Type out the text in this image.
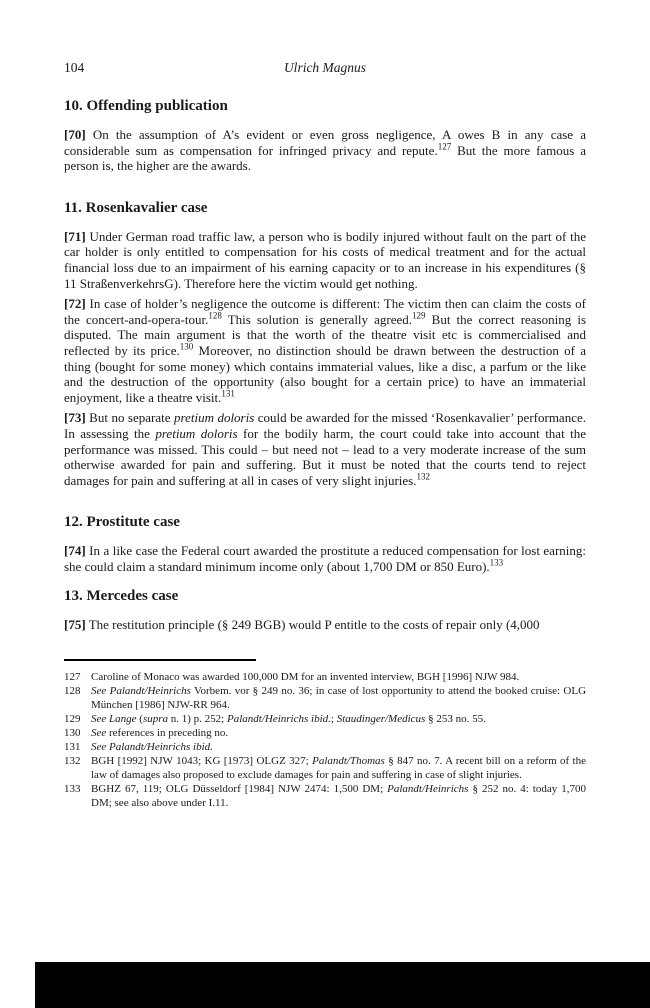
104	Ulrich Magnus
10. Offending publication

[70] On the assumption of A’s evident or even gross negligence, A owes B in any case a considerable sum as compensation for infringed privacy and repute.$^{127}$ But the more famous a person is, the higher are the awards.

11. Rosenkavalier case

[71] Under German road traffic law, a person who is bodily injured without fault on the part of the car holder is only entitled to compensation for his costs of medical treatment and for the actual financial loss due to an impairment of his earning capacity or to an increase in his expenditures (§ 11 StraßenverkehrsG). Therefore here the victim would get nothing.

[72] In case of holder’s negligence the outcome is different: The victim then can claim the costs of the concert-and-opera-tour.$^{128}$ This solution is generally agreed.$^{129}$ But the correct reasoning is disputed. The main argument is that the worth of the theatre visit etc is commercialised and reflected by its price.$^{130}$ Moreover, no distinction should be drawn between the destruction of a thing (bought for some money) which contains immaterial values, like a disc, a parfum or the like and the destruction of the opportunity (also bought for a certain price) to have an immaterial enjoyment, like a theatre visit.$^{131}$

[73] But no separate pretium doloris could be awarded for the missed ‘Rosenkavalier’ performance. In assessing the pretium doloris for the bodily harm, the court could take into account that the performance was missed. This could – but need not – lead to a very moderate increase of the sum otherwise awarded for pain and suffering. But it must be noted that the courts tend to reject damages for pain and suffering at all in cases of very slight injuries.$^{132}$

12. Prostitute case

[74] In a like case the Federal court awarded the prostitute a reduced compensation for lost earning: she could claim a standard minimum income only (about 1,700 DM or 850 Euro).$^{133}$

13. Mercedes case

[75] The restitution principle (§ 249 BGB) would P entitle to the costs of repair only (4,000

127 Caroline of Monaco was awarded 100,000 DM for an invented interview, BGH [1996] NJW 984.
128 See Palandt/Heinrichs Vorbem. vor § 249 no. 36; in case of lost opportunity to attend the booked cruise: OLG München [1986] NJW-RR 964.
129 See Lange (supra n. 1) p. 252; Palandt/Heinrichs ibid.; Staudinger/Medicus § 253 no. 55.
130 See references in preceding no.
131 See Palandt/Heinrichs ibid.
132 BGH [1992] NJW 1043; KG [1973] OLGZ 327; Palandt/Thomas § 847 no. 7. A recent bill on a reform of the law of damages also proposed to exclude damages for pain and suffering in case of slight injuries.
133 BGHZ 67, 119; OLG Düsseldorf [1984] NJW 2474: 1,500 DM; Palandt/Heinrichs § 252 no. 4: today 1,700 DM; see also above under I.11.
